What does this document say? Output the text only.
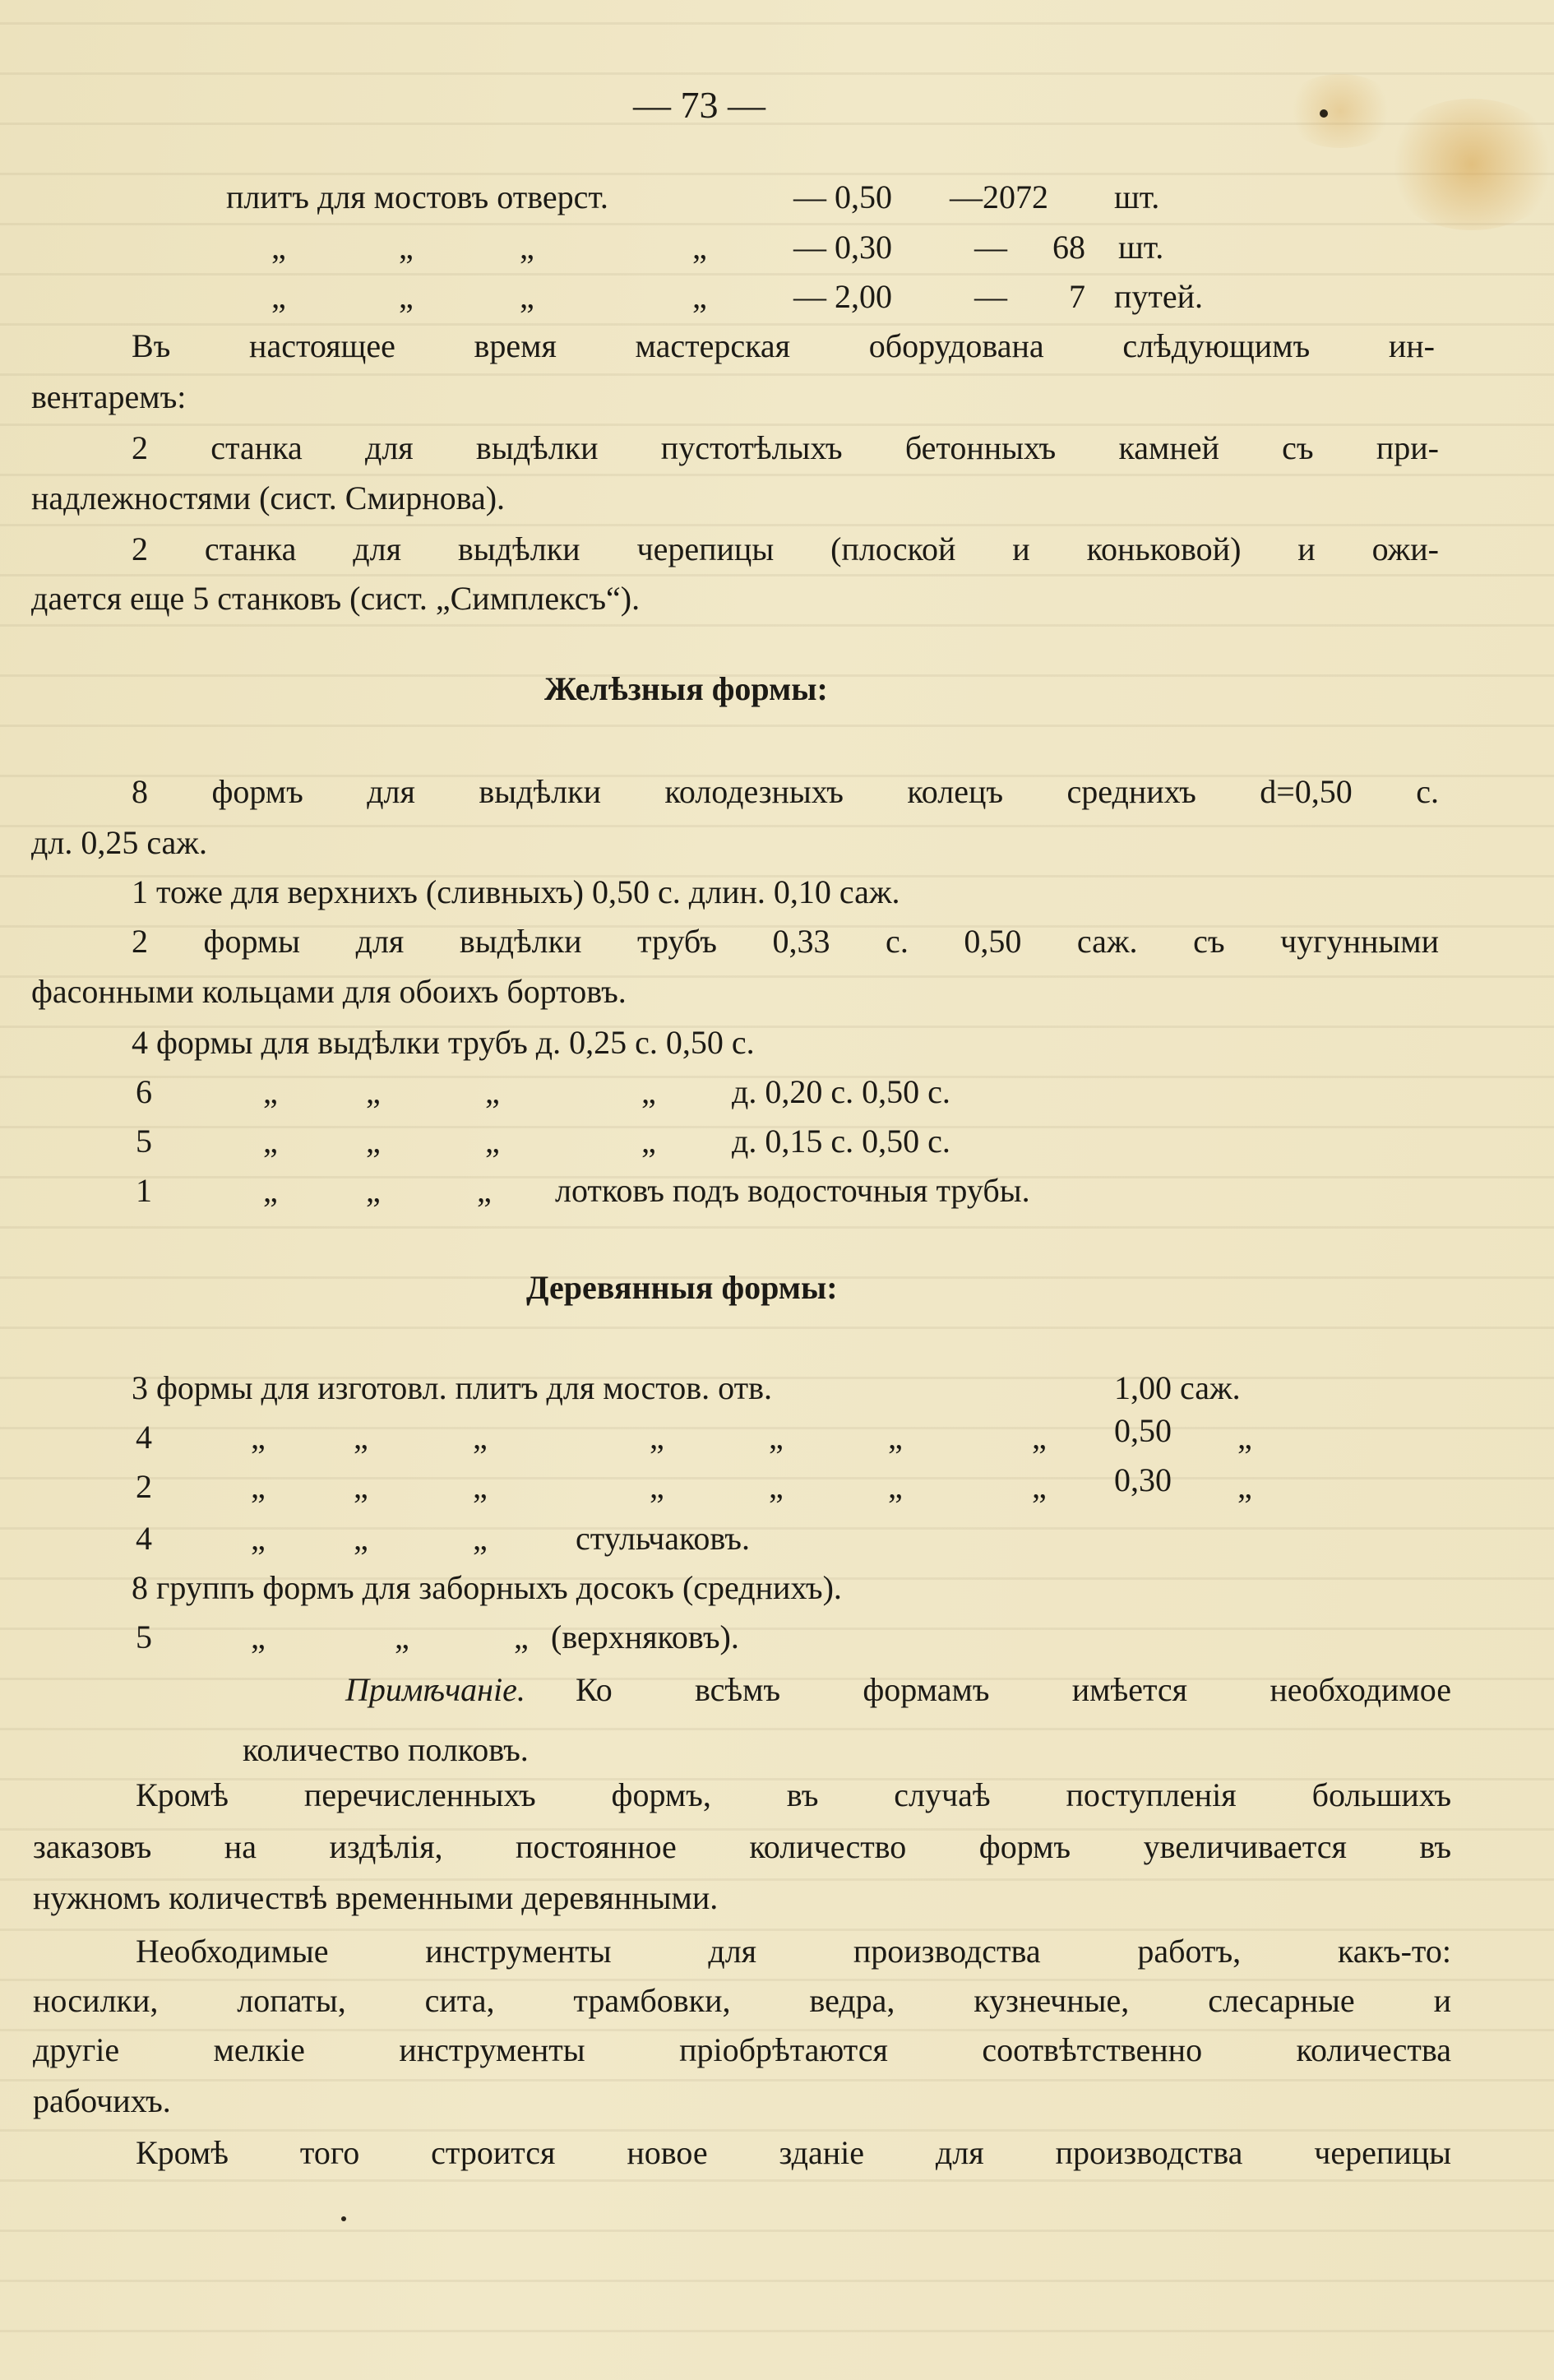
— 73 —
плитъ для мостовъ отверст.	— 0,50 —2072 шт.
„	„	„	„	— 0,30	— 68 шт.
„	„	„	„	— 2,00	— 7 путей.
Въ настоящее время мастерская оборудована слѣдующимъ ин-
вентаремъ:
2 станка для выдѣлки пустотѣлыхъ бетонныхъ камней съ при-
надлежностями (сист. Смирнова).
2 станка для выдѣлки черепицы (плоской и коньковой) и ожи-
дается еще 5 станковъ (сист. „Симплексъ“).
Желѣзныя формы:
8 формъ для выдѣлки колодезныхъ колецъ среднихъ d=0,50 с.
дл. 0,25 саж.
1 тоже для верхнихъ (сливныхъ) 0,50 с. длин. 0,10 саж.
2 формы для выдѣлки трубъ 0,33 с. 0,50 саж. съ чугунными
фасонными кольцами для обоихъ бортовъ.
4 формы для выдѣлки трубъ д. 0,25 с. 0,50 с.
6	„	„	„	„ д. 0,20 с. 0,50 с.
5	„	„	„	„ д. 0,15 с. 0,50 с.
1	„	„	„ лотковъ подъ водосточныя трубы.
Деревянныя формы:
3 формы для изготовл. плитъ для мостов. отв.	1,00 саж.
4	„	„	„	„	„	„	„ 0,50 „
2	„	„	„	„	„	„	„ 0,30 „
4	„	„	„	стульчаковъ.
8 группъ формъ для заборныхъ досокъ (среднихъ).
5	„	„	„ (верхняковъ).
Примѣчаніе. Ко всѣмъ формамъ имѣется необходимое
количество полковъ.
Кромѣ перечисленныхъ формъ, въ случаѣ поступленія большихъ
заказовъ на издѣлія, постоянное количество формъ увеличивается въ
нужномъ количествѣ временными деревянными.
Необходимые инструменты для производства работъ, какъ-то:
носилки, лопаты, сита, трамбовки, ведра, кузнечные, слесарные и
другіе мелкіе инструменты пріобрѣтаются соотвѣтственно количества
рабочихъ.
Кромѣ того строится новое зданіе для производства черепицы
